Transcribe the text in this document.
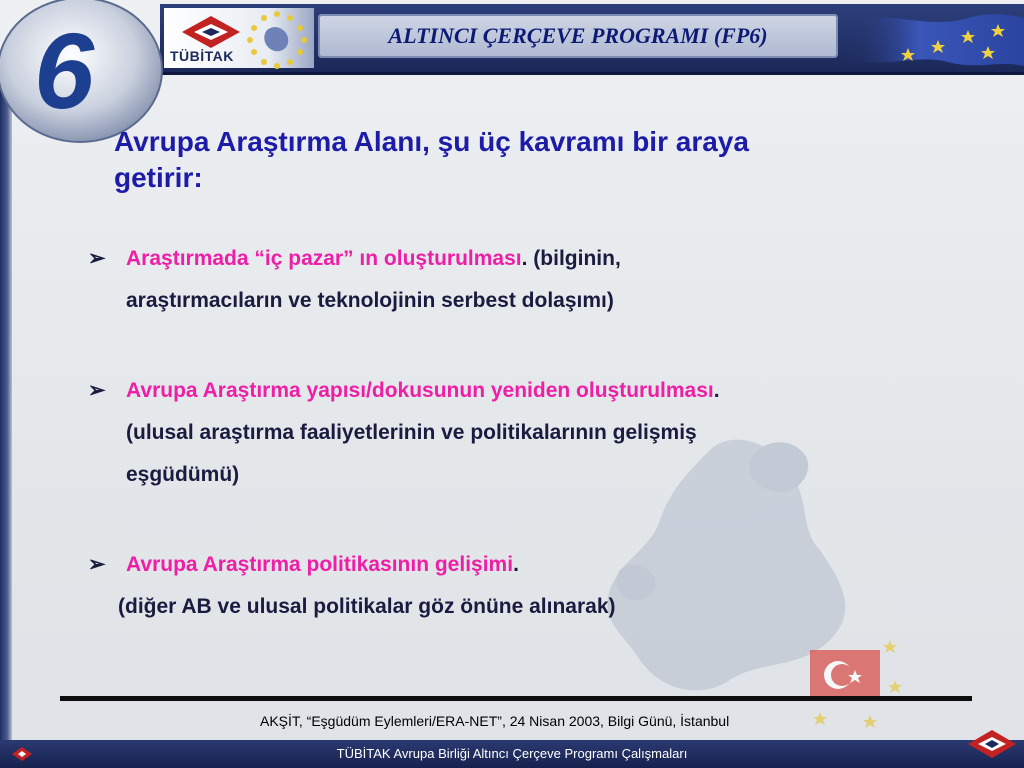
TÜBİTAK
ALTINCI ÇERÇEVE PROGRAMI (FP6)
6
Avrupa Araştırma Alanı, şu üç kavramı bir araya
getirir:
➢ Araştırmada “iç pazar” ın oluşturulması. (bilginin,
araştırmacıların ve teknolojinin serbest dolaşımı)
➢ Avrupa Araştırma yapısı/dokusunun yeniden oluşturulması.
(ulusal araştırma faaliyetlerinin ve politikalarının gelişmiş
eşgüdümü)
➢ Avrupa Araştırma politikasının gelişimi.

(diğer AB ve ulusal politikalar göz önüne alınarak)
AKŞİT, “Eşgüdüm Eylemleri/ERA-NET”, 24 Nisan 2003, Bilgi Günü, İstanbul
TÜBİTAK Avrupa Birliği Altıncı Çerçeve Programı Çalışmaları
